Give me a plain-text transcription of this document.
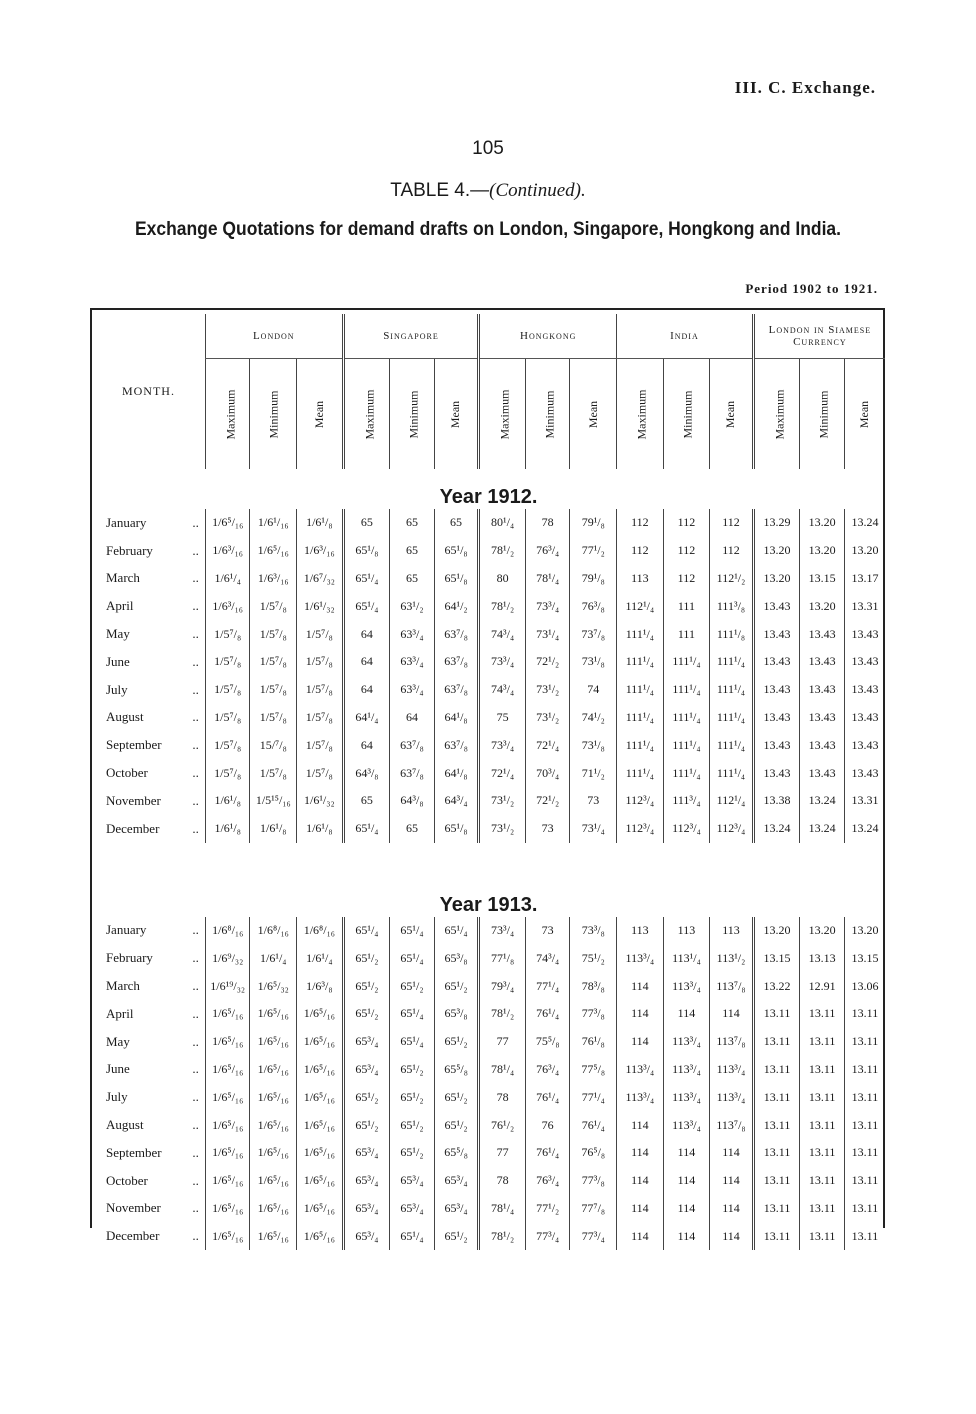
III. C. Exchange.
105
TABLE 4.—(Continued).
Exchange Quotations for demand drafts on London, Singapore, Hongkong and India.
Period 1902 to 1921.
MONTH.	London			Singapore			Hongkong			India			London in Siamese Currency		
	Maximum	Minimum	Mean	Maximum	Minimum	Mean	Maximum	Minimum	Mean	Maximum	Minimum	Mean	Maximum	Minimum	Mean
Year 1912.															
January ..	1/6⁵/₁₆	1/6¹/₁₆	1/6¹/₈	65	65	65	80¹/₄	78	79¹/₈	112	112	112	13.29	13.20	13.24
February ..	1/6³/₁₆	1/6⁵/₁₆	1/6³/₁₆	65¹/₈	65	65¹/₈	78¹/₂	76³/₄	77¹/₂	112	112	112	13.20	13.20	13.20
March ..	1/6¹/₄	1/6³/₁₆	1/6⁷/₃₂	65¹/₄	65	65¹/₈	80	78¹/₄	79¹/₈	113	112	112¹/₂	13.20	13.15	13.17
April ..	1/6³/₁₆	1/5⁷/₈	1/6¹/₃₂	65¹/₄	63¹/₂	64¹/₂	78¹/₂	73³/₄	76³/₈	112¹/₄	111	111³/₈	13.43	13.20	13.31
May ..	1/5⁷/₈	1/5⁷/₈	1/5⁷/₈	64	63³/₄	63⁷/₈	74³/₄	73¹/₄	73⁷/₈	111¹/₄	111	111¹/₈	13.43	13.43	13.43
June ..	1/5⁷/₈	1/5⁷/₈	1/5⁷/₈	64	63³/₄	63⁷/₈	73³/₄	72¹/₂	73¹/₈	111¹/₄	111¹/₄	111¹/₄	13.43	13.43	13.43
July ..	1/5⁷/₈	1/5⁷/₈	1/5⁷/₈	64	63³/₄	63⁷/₈	74³/₄	73¹/₂	74	111¹/₄	111¹/₄	111¹/₄	13.43	13.43	13.43
August ..	1/5⁷/₈	1/5⁷/₈	1/5⁷/₈	64¹/₄	64	64¹/₈	75	73¹/₂	74¹/₂	111¹/₄	111¹/₄	111¹/₄	13.43	13.43	13.43
September ..	1/5⁷/₈	15/⁷/₈	1/5⁷/₈	64	63⁷/₈	63⁷/₈	73³/₄	72¹/₄	73¹/₈	111¹/₄	111¹/₄	111¹/₄	13.43	13.43	13.43
October ..	1/5⁷/₈	1/5⁷/₈	1/5⁷/₈	64³/₈	63⁷/₈	64¹/₈	72¹/₄	70³/₄	71¹/₂	111¹/₄	111¹/₄	111¹/₄	13.43	13.43	13.43
November ..	1/6¹/₈	1/5¹⁵/₁₆	1/6¹/₃₂	65	64³/₈	64³/₄	73¹/₂	72¹/₂	73	112³/₄	111³/₄	112¹/₄	13.38	13.24	13.31
December ..	1/6¹/₈	1/6¹/₈	1/6¹/₈	65¹/₄	65	65¹/₈	73¹/₂	73	73¹/₄	112³/₄	112³/₄	112³/₄	13.24	13.24	13.24

Year 1913.															
January ..	1/6⁸/₁₆	1/6⁸/₁₆	1/6⁸/₁₆	65¹/₄	65¹/₄	65¹/₄	73³/₄	73	73³/₈	113	113	113	13.20	13.20	13.20
February ..	1/6⁹/₃₂	1/6¹/₄	1/6¹/₄	65¹/₂	65¹/₄	65³/₈	77¹/₈	74³/₄	75¹/₂	113³/₄	113¹/₄	113¹/₂	13.15	13.13	13.15
March ..	1/6¹⁹/₃₂	1/6⁵/₃₂	1/6³/₈	65¹/₂	65¹/₂	65¹/₂	79³/₄	77¹/₄	78³/₈	114	113³/₄	113⁷/₈	13.22	12.91	13.06
April ..	1/6⁵/₁₆	1/6⁵/₁₆	1/6⁵/₁₆	65¹/₂	65¹/₄	65³/₈	78¹/₂	76¹/₄	77³/₈	114	114	114	13.11	13.11	13.11
May ..	1/6⁵/₁₆	1/6⁵/₁₆	1/6⁵/₁₆	65³/₄	65¹/₄	65¹/₂	77	75⁵/₈	76¹/₈	114	113³/₄	113⁷/₈	13.11	13.11	13.11
June ..	1/6⁵/₁₆	1/6⁵/₁₆	1/6⁵/₁₆	65³/₄	65¹/₂	65⁵/₈	78¹/₄	76³/₄	77⁵/₈	113³/₄	113³/₄	113³/₄	13.11	13.11	13.11
July ..	1/6⁵/₁₆	1/6⁵/₁₆	1/6⁵/₁₆	65¹/₂	65¹/₂	65¹/₂	78	76¹/₄	77¹/₄	113³/₄	113³/₄	113³/₄	13.11	13.11	13.11
August ..	1/6⁵/₁₆	1/6⁵/₁₆	1/6⁵/₁₆	65¹/₂	65¹/₂	65¹/₂	76¹/₂	76	76¹/₄	114	113³/₄	113⁷/₈	13.11	13.11	13.11
September ..	1/6⁵/₁₆	1/6⁵/₁₆	1/6⁵/₁₆	65³/₄	65¹/₂	65⁵/₈	77	76¹/₄	76⁵/₈	114	114	114	13.11	13.11	13.11
October ..	1/6⁵/₁₆	1/6⁵/₁₆	1/6⁵/₁₆	65³/₄	65³/₄	65³/₄	78	76³/₄	77³/₈	114	114	114	13.11	13.11	13.11
November ..	1/6⁵/₁₆	1/6⁵/₁₆	1/6⁵/₁₆	65³/₄	65³/₄	65³/₄	78¹/₄	77¹/₂	77⁷/₈	114	114	114	13.11	13.11	13.11
December ..	1/6⁵/₁₆	1/6⁵/₁₆	1/6⁵/₁₆	65³/₄	65¹/₄	65¹/₂	78¹/₂	77³/₄	77³/₄	114	114	114	13.11	13.11	13.11
